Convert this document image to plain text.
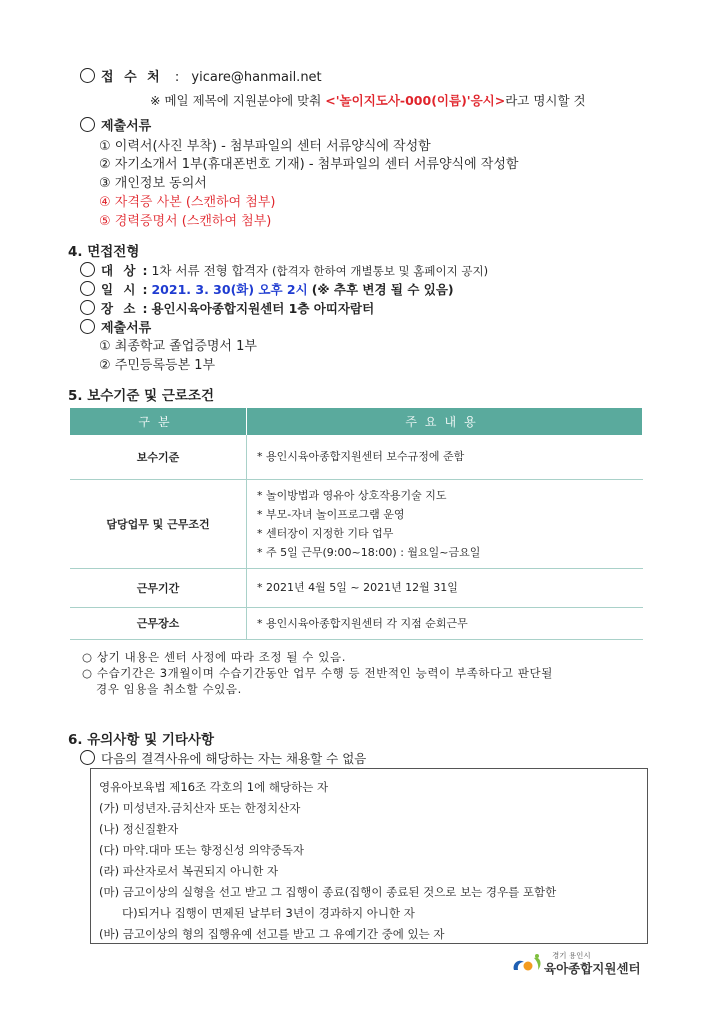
접 수 처 : yicare@hanmail.net
※ 메일 제목에 지원분야에 맞춰 <'놀이지도사-000(이름)'응시>라고 명시할 것
제출서류
① 이력서(사진 부착) - 첨부파일의 센터 서류양식에 작성함
② 자기소개서 1부(휴대폰번호 기재) - 첨부파일의 센터 서류양식에 작성함
③ 개인정보 동의서
④ 자격증 사본 (스캔하여 첨부)
⑤ 경력증명서 (스캔하여 첨부)
4. 면접전형
대 상 : 1차 서류 전형 합격자 (합격자 한하여 개별통보 및 홈페이지 공지)
일 시 : 2021. 3. 30(화) 오후 2시 (※ 추후 변경 될 수 있음)
장 소 : 용인시육아종합지원센터 1층 아띠자람터
제출서류
① 최종학교 졸업증명서 1부
② 주민등록등본 1부
5. 보수기준 및 근로조건
구분	주요내용
보수기준	* 용인시육아종합지원센터 보수규정에 준함

담당업무 및 근무조건	* 놀이방법과 영유아 상호작용기술 지도
* 부모-자녀 놀이프로그램 운영
* 센터장이 지정한 기타 업무
* 주 5일 근무(9:00~18:00) : 월요일~금요일

근무기간	* 2021년 4월 5일 ~ 2021년 12월 31일

근무장소	* 용인시육아종합지원센터 각 지점 순회근무
○ 상기 내용은 센터 사정에 따라 조정 될 수 있음.
○ 수습기간은 3개월이며 수습기간동안 업무 수행 등 전반적인 능력이 부족하다고 판단될
경우 임용을 취소할 수있음.
6. 유의사항 및 기타사항
다음의 결격사유에 해당하는 자는 채용할 수 없음
영유아보육법 제16조 각호의 1에 해당하는 자
(가) 미성년자.금치산자 또는 한정치산자
(나) 정신질환자
(다) 마약.대마 또는 향정신성 의약중독자
(라) 파산자로서 복권되지 아니한 자
(마) 금고이상의 실형을 선고 받고 그 집행이 종료(집행이 종료된 것으로 보는 경우를 포함한
다)되거나 집행이 면제된 날부터 3년이 경과하지 아니한 자
(바) 금고이상의 형의 집행유예 선고를 받고 그 유예기간 중에 있는 자
경기 용인시
육아종합지원센터
